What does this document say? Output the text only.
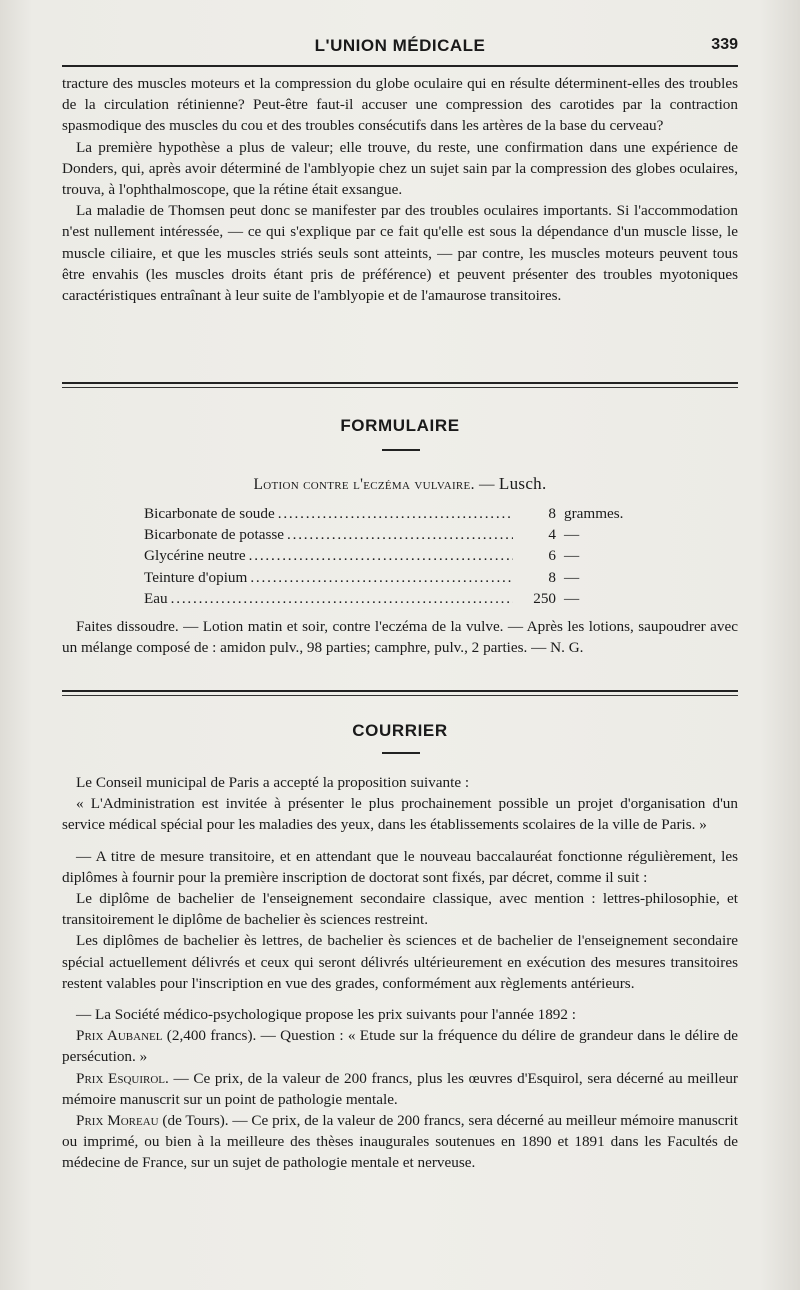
L'UNION MÉDICALE	339

tracture des muscles moteurs et la compression du globe oculaire qui en résulte déterminent-elles des troubles de la circulation rétinienne? Peut-être faut-il accuser une compression des carotides par la contraction spasmodique des muscles du cou et des troubles consécutifs dans les artères de la base du cerveau?

La première hypothèse a plus de valeur; elle trouve, du reste, une confirmation dans une expérience de Donders, qui, après avoir déterminé de l'amblyopie chez un sujet sain par la compression des globes oculaires, trouva, à l'ophthalmoscope, que la rétine était exsangue.

La maladie de Thomsen peut donc se manifester par des troubles oculaires importants. Si l'accommodation n'est nullement intéressée, — ce qui s'explique par ce fait qu'elle est sous la dépendance d'un muscle lisse, le muscle ciliaire, et que les muscles striés seuls sont atteints, — par contre, les muscles moteurs peuvent tous être envahis (les muscles droits étant pris de préférence) et peuvent présenter des troubles myotoniques caractéristiques entraînant à leur suite de l'amblyopie et de l'amaurose transitoires.

FORMULAIRE
Lotion contre l'eczéma vulvaire. — Lusch.
Bicarbonate de soude . . .	8 grammes.
Bicarbonate de potasse . . .	4 —
Glycérine neutre . . .	6 —
Teinture d'opium . . .	8 —
Eau . . .	250 —

Faites dissoudre. — Lotion matin et soir, contre l'eczéma de la vulve. — Après les lotions, saupoudrer avec un mélange composé de : amidon pulv., 98 parties; camphre, pulv., 2 parties. — N. G.

COURRIER

Le Conseil municipal de Paris a accepté la proposition suivante :

« L'Administration est invitée à présenter le plus prochainement possible un projet d'organisation d'un service médical spécial pour les maladies des yeux, dans les établissements scolaires de la ville de Paris. »

— A titre de mesure transitoire, et en attendant que le nouveau baccalauréat fonctionne régulièrement, les diplômes à fournir pour la première inscription de doctorat sont fixés, par décret, comme il suit :

Le diplôme de bachelier de l'enseignement secondaire classique, avec mention : lettres-philosophie, et transitoirement le diplôme de bachelier ès sciences restreint.

Les diplômes de bachelier ès lettres, de bachelier ès sciences et de bachelier de l'enseignement secondaire spécial actuellement délivrés et ceux qui seront délivrés ultérieurement en exécution des mesures transitoires restent valables pour l'inscription en vue des grades, conformément aux règlements antérieurs.

— La Société médico-psychologique propose les prix suivants pour l'année 1892 :

Prix Aubanel (2,400 francs). — Question : « Etude sur la fréquence du délire de grandeur dans le délire de persécution. »

Prix Esquirol. — Ce prix, de la valeur de 200 francs, plus les œuvres d'Esquirol, sera décerné au meilleur mémoire manuscrit sur un point de pathologie mentale.

Prix Moreau (de Tours). — Ce prix, de la valeur de 200 francs, sera décerné au meilleur mémoire manuscrit ou imprimé, ou bien à la meilleure des thèses inaugurales soutenues en 1890 et 1891 dans les Facultés de médecine de France, sur un sujet de pathologie mentale et nerveuse.
